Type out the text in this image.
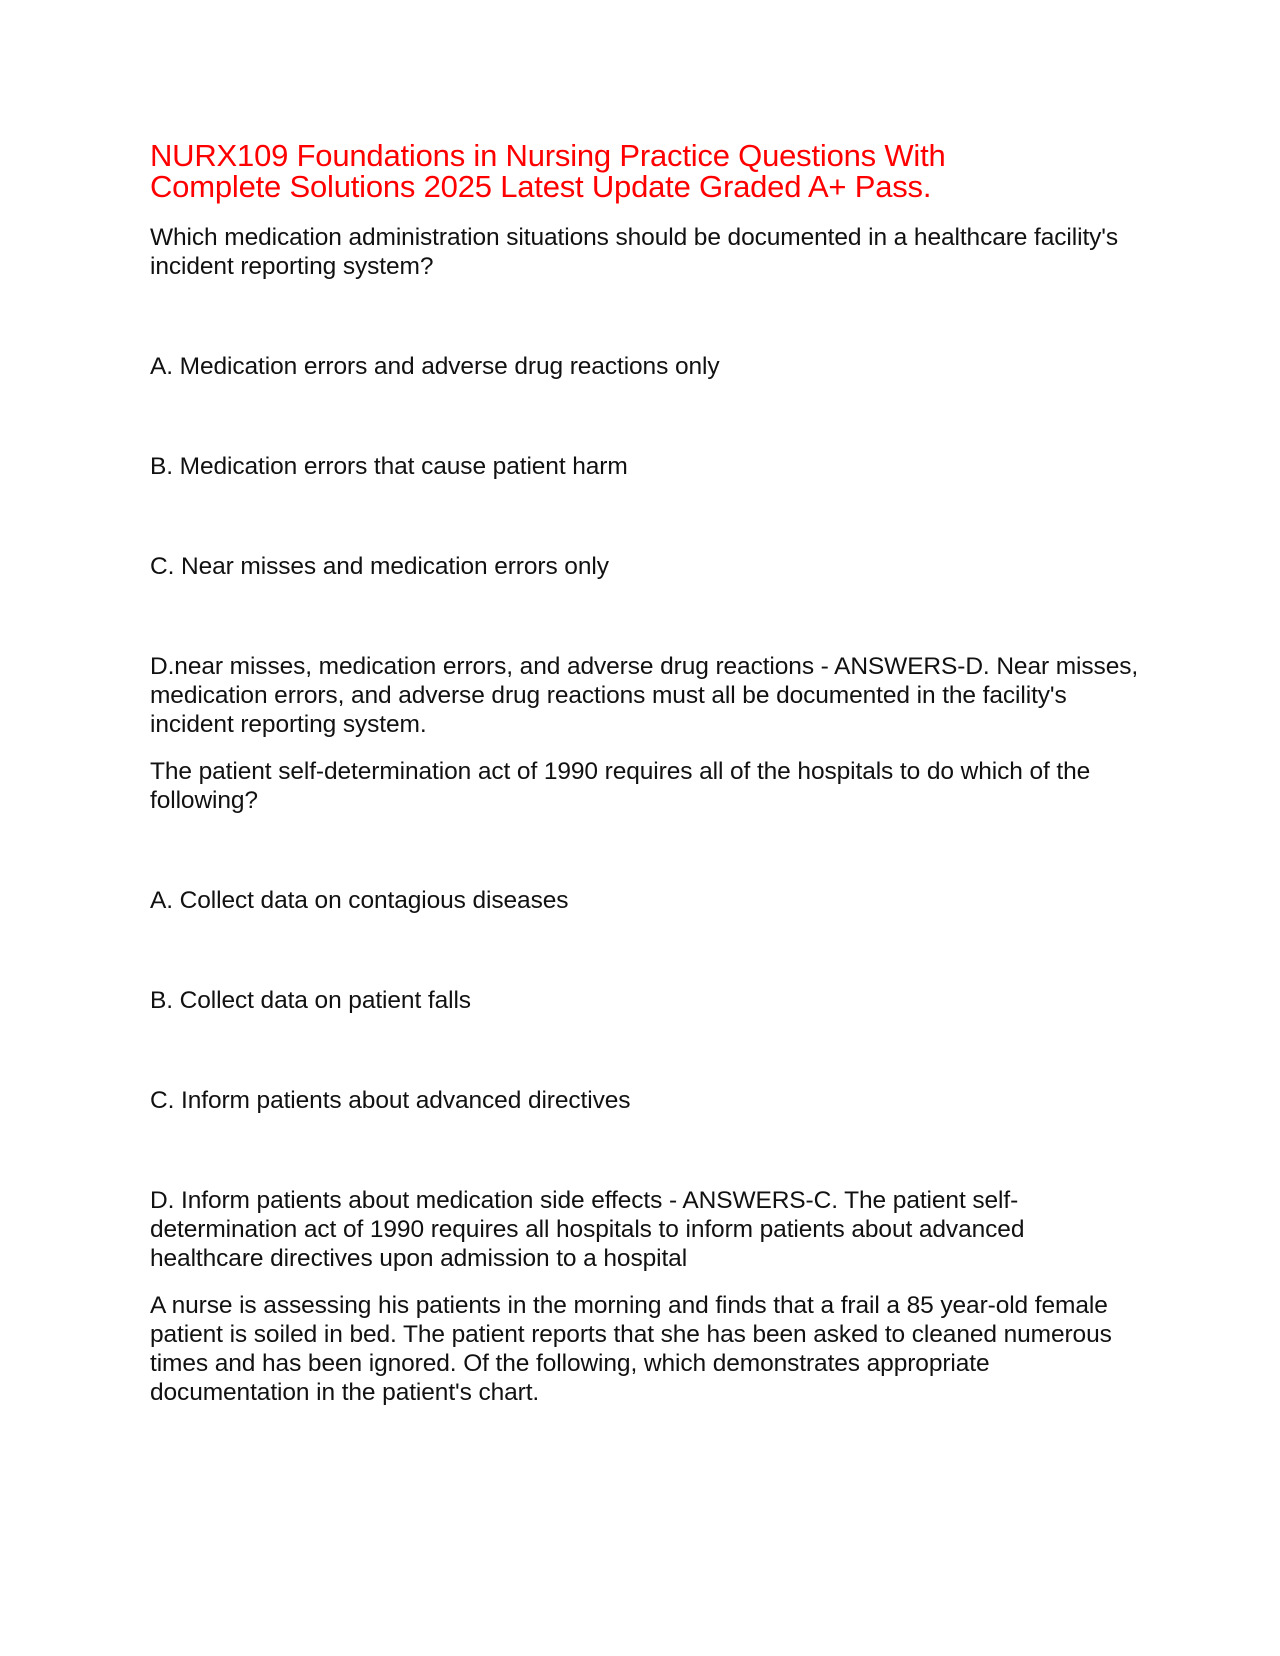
NURX109 Foundations in Nursing Practice Questions With
Complete Solutions 2025 Latest Update Graded A+ Pass.

Which medication administration situations should be documented in a healthcare facility's incident reporting system?

A. Medication errors and adverse drug reactions only

B. Medication errors that cause patient harm

C. Near misses and medication errors only

D.near misses, medication errors, and adverse drug reactions - ANSWERS-D. Near misses, medication errors, and adverse drug reactions must all be documented in the facility's incident reporting system.

The patient self-determination act of 1990 requires all of the hospitals to do which of the following?

A. Collect data on contagious diseases

B. Collect data on patient falls

C. Inform patients about advanced directives

D. Inform patients about medication side effects - ANSWERS-C. The patient self-determination act of 1990 requires all hospitals to inform patients about advanced healthcare directives upon admission to a hospital

A nurse is assessing his patients in the morning and finds that a frail a 85 year-old female patient is soiled in bed. The patient reports that she has been asked to cleaned numerous times and has been ignored. Of the following, which demonstrates appropriate documentation in the patient's chart.
